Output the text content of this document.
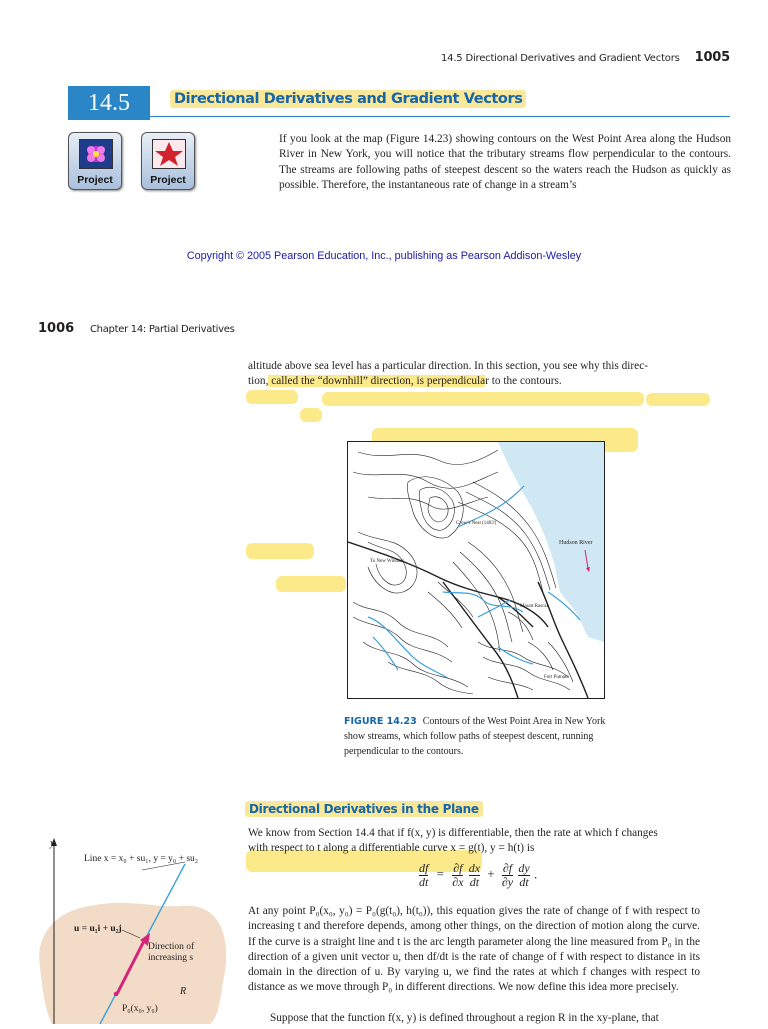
14.5 Directional Derivatives and Gradient Vectors 1005
14.5	Directional Derivatives and Gradient Vectors
Project	Project
If you look at the map (Figure 14.23) showing contours on the West Point Area along the Hudson River in New York, you will notice that the tributary streams flow perpendicular to the contours. The streams are following paths of steepest descent so the waters reach the Hudson as quickly as possible. Therefore, the instantaneous rate of change in a stream’s
Copyright © 2005 Pearson Education, Inc., publishing as Pearson Addison-Wesley
1006 Chapter 14: Partial Derivatives
altitude above sea level has a particular direction. In this section, you see why this direc-
tion, called the “downhill” direction, is perpendicular to the contours.
Hudson River
Crow’s Nest (1403')
To New Windsor
Mount Rascal
Fort Putnam
FIGURE 14.23 Contours of the West Point Area in New York show streams, which follow paths of steepest descent, running perpendicular to the contours.
Directional Derivatives in the Plane
We know from Section 14.4 that if f(x, y) is differentiable, then the rate at which f changes
with respect to t along a differentiable curve x = g(t), y = h(t) is
$\frac{df}{dt} = \frac{\partial f}{\partial x}$
$\frac{dx}{dt} + \frac{\partial f}{\partial y}$
$\frac{dy}{dt}$ .
At any point P₀(x₀, y₀) = P₀(g(t₀), h(t₀)), this equation gives the rate of change of f with respect to increasing t and therefore depends, among other things, on the direction of motion along the curve. If the curve is a straight line and t is the arc length parameter along the line measured from P₀ in the direction of a given unit vector u, then df/dt is the rate of change of f with respect to distance in its domain in the direction of u. By varying u, we find the rates at which f changes with respect to distance as we move through P₀ in different directions. We now define this idea more precisely.
Suppose that the function f(x, y) is defined throughout a region R in the xy-plane, that
y
Line x = x₀ + su₁, y = y₀ + su₂
u = u₁i + u₂j
Direction of increasing s
R
P₀(x₀, y₀)
